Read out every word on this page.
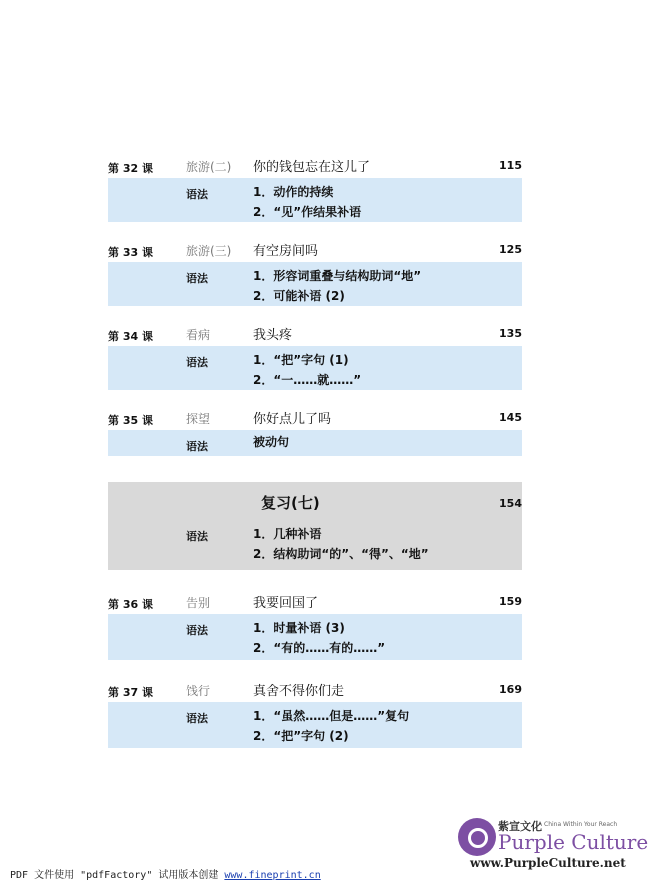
第 32 课	旅游(二) 你的钱包忘在这儿了	115
语法	1．动作的持续
2．“见”作结果补语
第 33 课	旅游(三) 有空房间吗	125
语法	1．形容词重叠与结构助词“地”
2．可能补语 (2)
第 34 课	看病	我头疼	135
语法	1．“把”字句 (1)
2．“一……就……”
第 35 课	探望	你好点儿了吗	145
语法	被动句
复习(七)	154
语法	1．几种补语
2．结构助词“的”、“得”、“地”
第 36 课	告别	我要回国了	159
语法	1．时量补语 (3)
2．“有的……有的……”
第 37 课	饯行	真舍不得你们走	169
语法	1．“虽然……但是……”复句
2．“把”字句 (2)
紫宣文化
A China Within Your Reach
Purple Culture
www.PurpleCulture.net
PDF 文件使用 "pdfFactory" 试用版本创建 www.fineprint.cn
